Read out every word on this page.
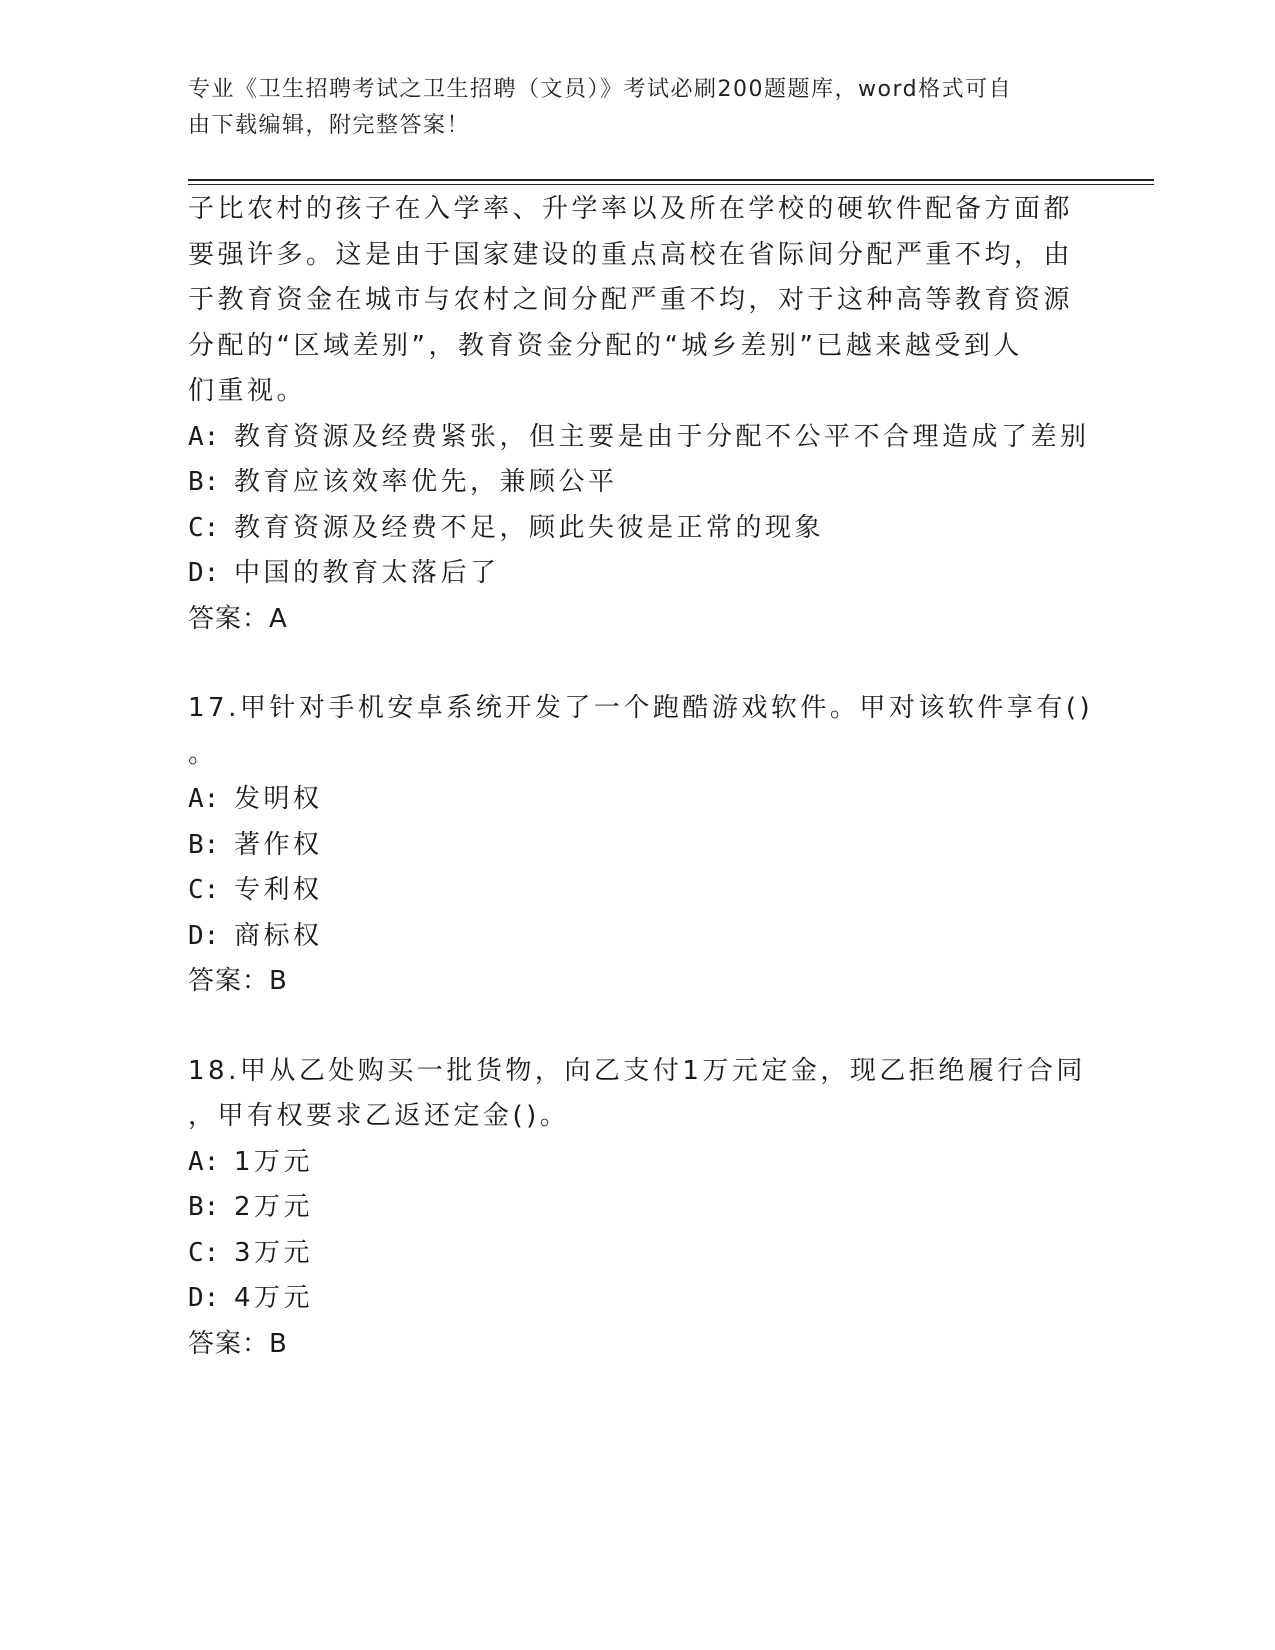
专业《卫生招聘考试之卫生招聘（文员）》考试必刷200题题库，word格式可自
由下载编辑，附完整答案！
子比农村的孩子在入学率、升学率以及所在学校的硬软件配备方面都
要强许多。这是由于国家建设的重点高校在省际间分配严重不均，由
于教育资金在城市与农村之间分配严重不均，对于这种高等教育资源
分配的“区域差别”，教育资金分配的“城乡差别”已越来越受到人
们重视。
A: 教育资源及经费紧张，但主要是由于分配不公平不合理造成了差别
B: 教育应该效率优先，兼顾公平
C: 教育资源及经费不足，顾此失彼是正常的现象
D: 中国的教育太落后了
答案：A
17.甲针对手机安卓系统开发了一个跑酷游戏软件。甲对该软件享有()
。
A: 发明权
B: 著作权
C: 专利权
D: 商标权
答案：B
18.甲从乙处购买一批货物，向乙支付1万元定金，现乙拒绝履行合同
，甲有权要求乙返还定金()。
A: 1万元
B: 2万元
C: 3万元
D: 4万元
答案：B
